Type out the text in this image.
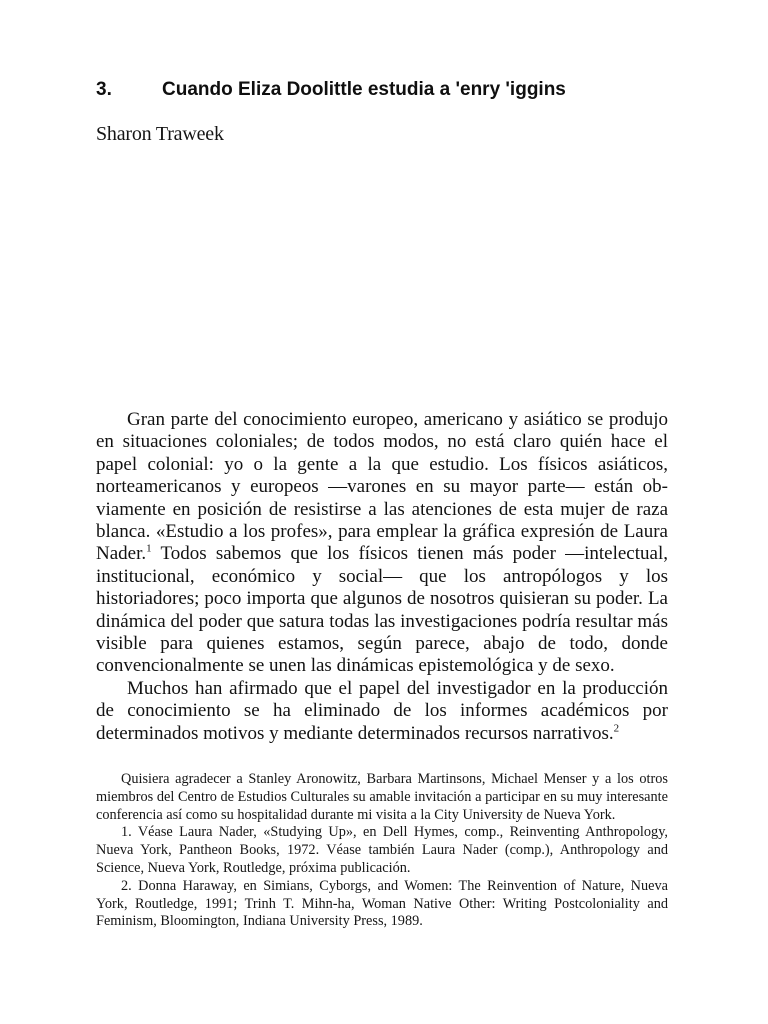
3.	Cuando Eliza Doolittle estudia a 'enry 'iggins
Sharon Traweek

Gran parte del conocimiento europeo, americano y asiático se produjo en situaciones coloniales; de todos modos, no está claro quién hace el papel colonial: yo o la gente a la que estudio. Los físicos asiáticos, norteamericanos y europeos —varones en su mayor parte— están obviamente en posición de resistirse a las atenciones de esta mujer de raza blanca. «Estudio a los profes», para emplear la gráfica expresión de Laura Nader.$^1$ Todos sabemos que los físicos tienen más poder —intelectual, institucional, económico y social— que los antropólogos y los historiadores; poco importa que algunos de nosotros quisieran su poder. La dinámica del poder que satura todas las investigaciones podría resultar más visible para quienes estamos, según parece, abajo de todo, donde convencionalmente se unen las dinámicas epistemológica y de sexo.

Muchos han afirmado que el papel del investigador en la producción de conocimiento se ha eliminado de los informes académicos por determinados motivos y mediante determinados recursos narrativos.$^2$

Quisiera agradecer a Stanley Aronowitz, Barbara Martinsons, Michael Menser y a los otros miembros del Centro de Estudios Culturales su amable invitación a participar en su muy interesante conferencia así como su hospitalidad durante mi visita a la City University de Nueva York.

1. Véase Laura Nader, «Studying Up», en Dell Hymes, comp., Reinventing Anthropology, Nueva York, Pantheon Books, 1972. Véase también Laura Nader (comp.), Anthropology and Science, Nueva York, Routledge, próxima publicación.

2. Donna Haraway, en Simians, Cyborgs, and Women: The Reinvention of Nature, Nueva York, Routledge, 1991; Trinh T. Mihn-ha, Woman Native Other: Writing Postcoloniality and Feminism, Bloomington, Indiana University Press, 1989.
